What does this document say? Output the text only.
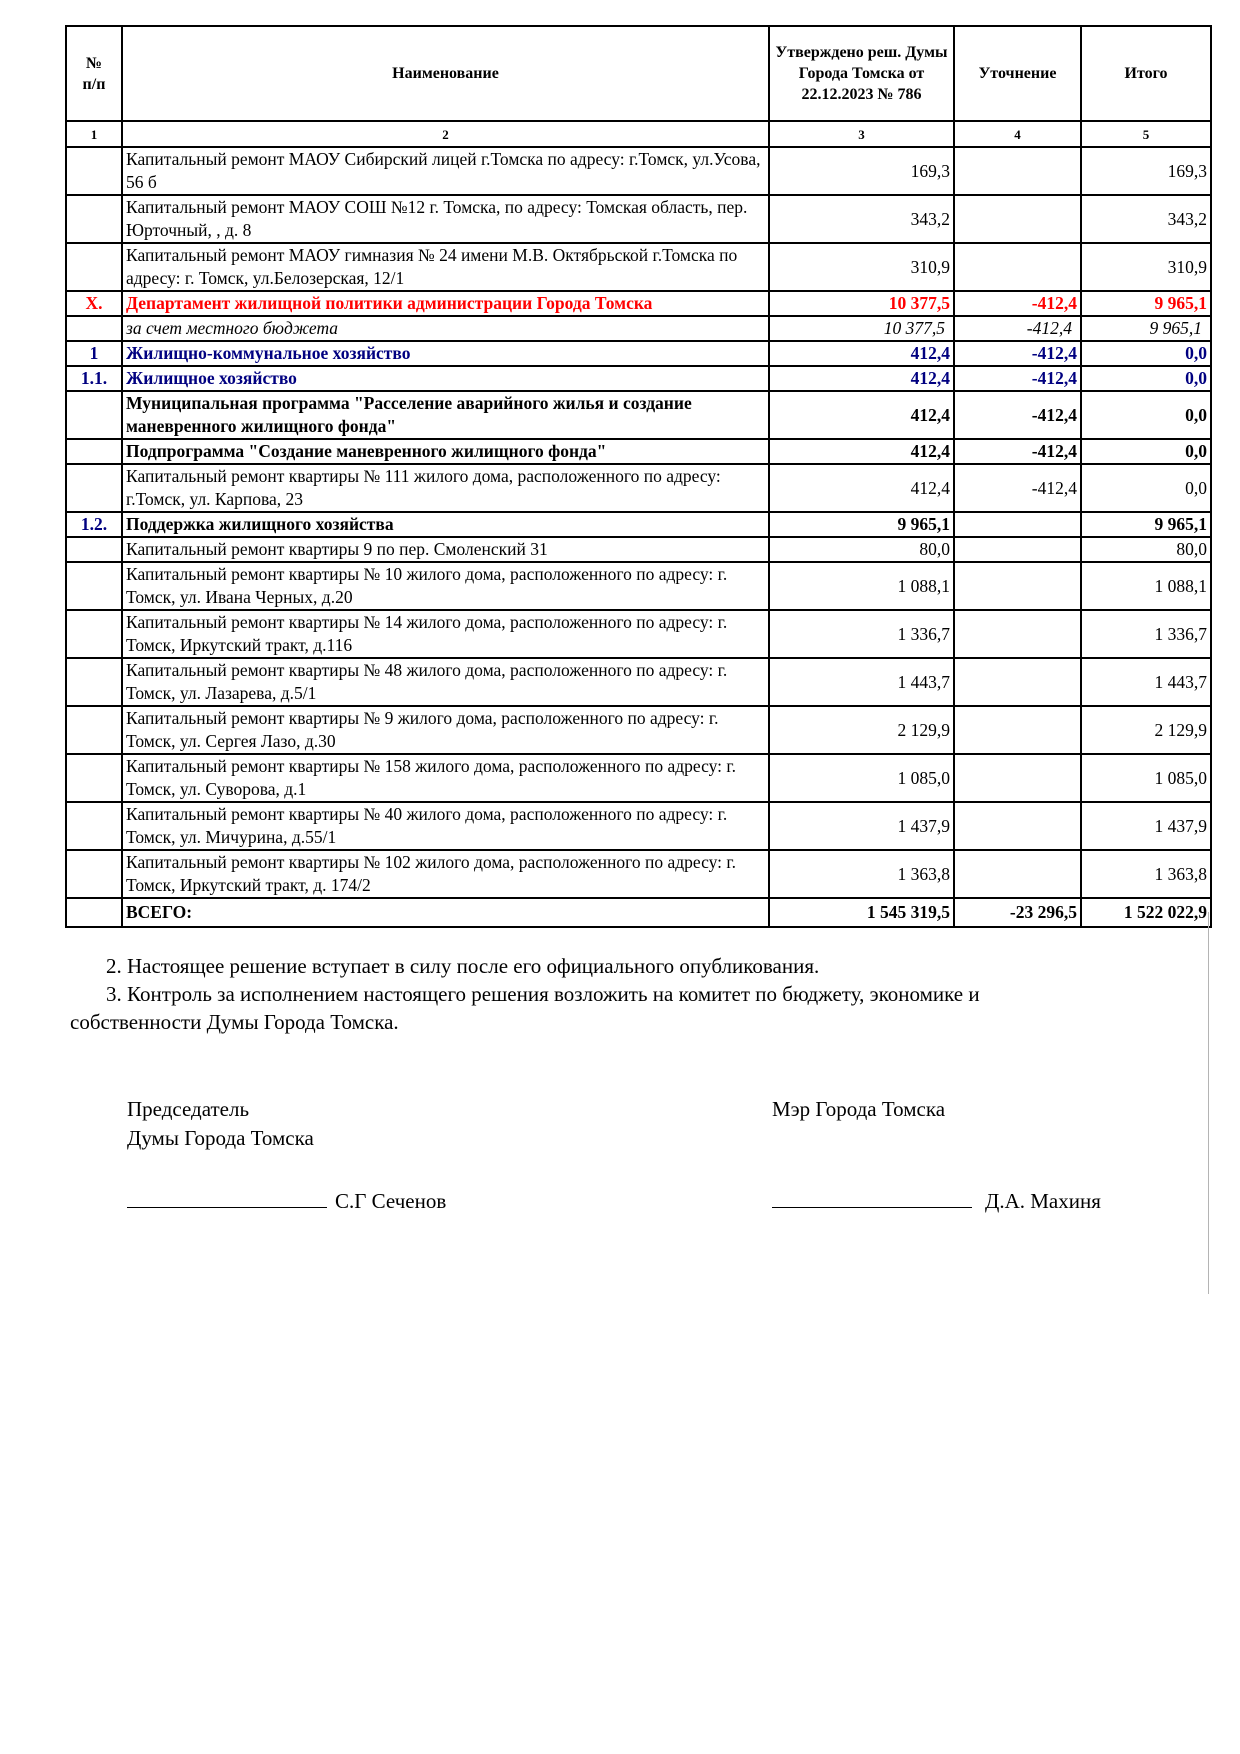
№ п/п	Наименование	Утверждено реш. Думы Города Томска от 22.12.2023 № 786	Уточнение	Итого
1	2	3	4	5
	Капитальный ремонт МАОУ Сибирский лицей г.Томска по адресу: г.Томск, ул.Усова, 56 б	169,3		169,3
	Капитальный ремонт МАОУ СОШ №12 г. Томска, по адресу: Томская область, пер. Юрточный, , д. 8	343,2		343,2
	Капитальный ремонт МАОУ гимназия № 24 имени М.В. Октябрьской г.Томска по адресу: г. Томск, ул.Белозерская, 12/1	310,9		310,9
X.	Департамент жилищной политики администрации Города Томска	10 377,5	-412,4	9 965,1
	за счет местного бюджета	10 377,5	-412,4	9 965,1
1	Жилищно-коммунальное хозяйство	412,4	-412,4	0,0
1.1.	Жилищное хозяйство	412,4	-412,4	0,0
	Муниципальная программа "Расселение аварийного жилья и создание маневренного жилищного фонда"	412,4	-412,4	0,0
	Подпрограмма "Создание маневренного жилищного фонда"	412,4	-412,4	0,0
	Капитальный ремонт квартиры № 111 жилого дома, расположенного по адресу: г.Томск, ул. Карпова, 23	412,4	-412,4	0,0
1.2.	Поддержка жилищного хозяйства	9 965,1		9 965,1
	Капитальный ремонт квартиры 9 по пер. Смоленский 31	80,0		80,0
	Капитальный ремонт квартиры № 10 жилого дома, расположенного по адресу: г. Томск, ул. Ивана Черных, д.20	1 088,1		1 088,1
	Капитальный ремонт квартиры № 14 жилого дома, расположенного по адресу: г. Томск, Иркутский тракт, д.116	1 336,7		1 336,7
	Капитальный ремонт квартиры № 48 жилого дома, расположенного по адресу: г. Томск, ул. Лазарева, д.5/1	1 443,7		1 443,7
	Капитальный ремонт квартиры № 9 жилого дома, расположенного по адресу: г. Томск, ул. Сергея Лазо, д.30	2 129,9		2 129,9
	Капитальный ремонт квартиры № 158 жилого дома, расположенного по адресу: г. Томск, ул. Суворова, д.1	1 085,0		1 085,0
	Капитальный ремонт квартиры № 40 жилого дома, расположенного по адресу: г. Томск, ул. Мичурина, д.55/1	1 437,9		1 437,9
	Капитальный ремонт квартиры № 102 жилого дома, расположенного по адресу: г. Томск, Иркутский тракт, д. 174/2	1 363,8		1 363,8
	ВСЕГО:	1 545 319,5	-23 296,5	1 522 022,9
2. Настоящее решение вступает в силу после его официального опубликования.
3. Контроль за исполнением настоящего решения возложить на комитет по бюджету, экономике и
собственности Думы Города Томска.
Председатель
Думы Города Томска
Мэр Города Томска
С.Г Сеченов	Д.А. Махиня
